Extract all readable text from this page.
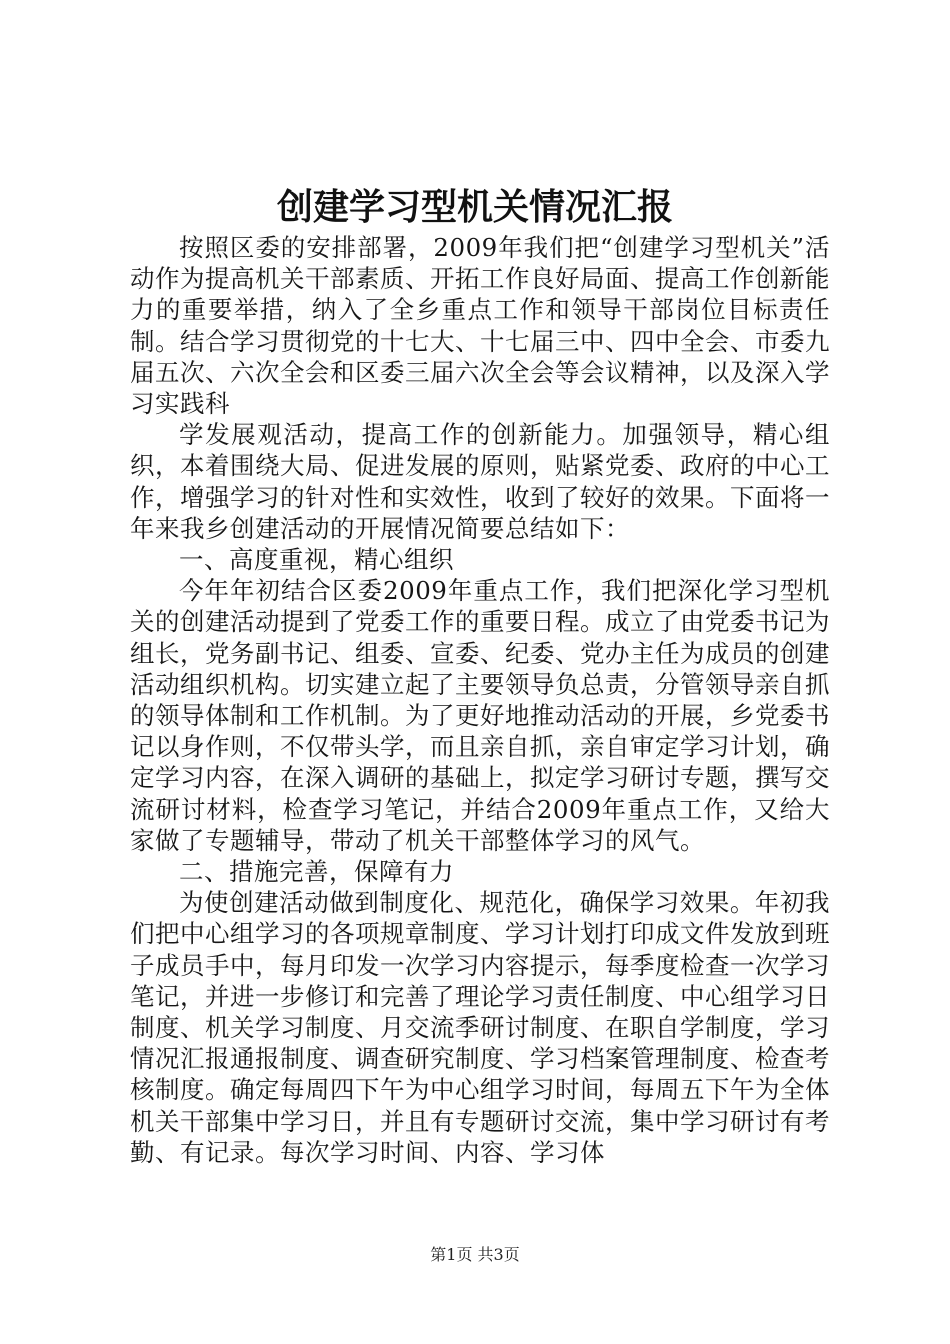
创建学习型机关情况汇报

按照区委的安排部署，2009年我们把“创建学习型机关”活动作为提高机关干部素质、开拓工作良好局面、提高工作创新能力的重要举措，纳入了全乡重点工作和领导干部岗位目标责任制。结合学习贯彻党的十七大、十七届三中、四中全会、市委九届五次、六次全会和区委三届六次全会等会议精神，以及深入学习实践科

学发展观活动，提高工作的创新能力。加强领导，精心组织，本着围绕大局、促进发展的原则，贴紧党委、政府的中心工作，增强学习的针对性和实效性，收到了较好的效果。下面将一年来我乡创建活动的开展情况简要总结如下：

一、高度重视，精心组织

今年年初结合区委2009年重点工作，我们把深化学习型机关的创建活动提到了党委工作的重要日程。成立了由党委书记为组长，党务副书记、组委、宣委、纪委、党办主任为成员的创建活动组织机构。切实建立起了主要领导负总责，分管领导亲自抓的领导体制和工作机制。为了更好地推动活动的开展，乡党委书记以身作则，不仅带头学，而且亲自抓，亲自审定学习计划，确定学习内容，在深入调研的基础上，拟定学习研讨专题，撰写交流研讨材料，检查学习笔记，并结合2009年重点工作，又给大家做了专题辅导，带动了机关干部整体学习的风气。

二、措施完善，保障有力

为使创建活动做到制度化、规范化，确保学习效果。年初我们把中心组学习的各项规章制度、学习计划打印成文件发放到班子成员手中，每月印发一次学习内容提示，每季度检查一次学习笔记，并进一步修订和完善了理论学习责任制度、中心组学习日制度、机关学习制度、月交流季研讨制度、在职自学制度，学习情况汇报通报制度、调查研究制度、学习档案管理制度、检查考核制度。确定每周四下午为中心组学习时间，每周五下午为全体机关干部集中学习日，并且有专题研讨交流，集中学习研讨有考勤、有记录。每次学习时间、内容、学习体

第1页 共3页
